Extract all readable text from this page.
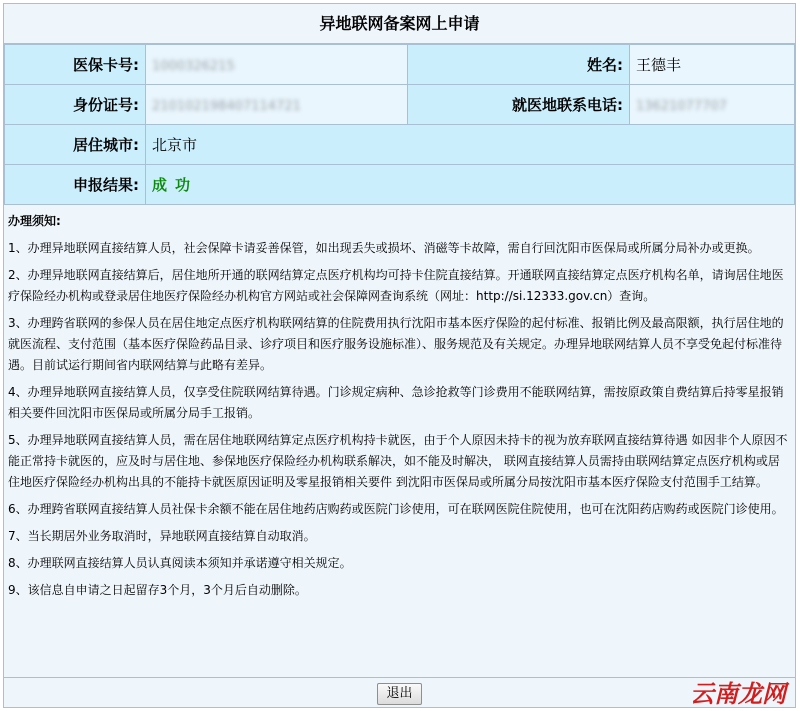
异地联网备案网上申请
医保卡号:	1000326215	姓名:	王德丰
身份证号:	210102198407114721	就医地联系电话:	13621077707
居住城市:	北京市		
申报结果:	成功		
办理须知:

1、办理异地联网直接结算人员，社会保障卡请妥善保管，如出现丢失或损坏、消磁等卡故障，需自行回沈阳市医保局或所属分局补办或更换。

2、办理异地联网直接结算后，居住地所开通的联网结算定点医疗机构均可持卡住院直接结算。开通联网直接结算定点医疗机构名单，请询居住地医疗保险经办机构或登录居住地医疗保险经办机构官方网站或社会保障网查询系统（网址：http://si.12333.gov.cn）查询。

3、办理跨省联网的参保人员在居住地定点医疗机构联网结算的住院费用执行沈阳市基本医疗保险的起付标准、报销比例及最高限额，执行居住地的就医流程、支付范围（基本医疗保险药品目录、诊疗项目和医疗服务设施标准）、服务规范及有关规定。办理异地联网结算人员不享受免起付标准待遇。目前试运行期间省内联网结算与此略有差异。

4、办理异地联网直接结算人员，仅享受住院联网结算待遇。门诊规定病种、急诊抢救等门诊费用不能联网结算，需按原政策自费结算后持零星报销相关要件回沈阳市医保局或所属分局手工报销。

5、办理异地联网直接结算人员，需在居住地联网结算定点医疗机构持卡就医，由于个人原因未持卡的视为放弃联网直接结算待遇 如因非个人原因不能正常持卡就医的，应及时与居住地、参保地医疗保险经办机构联系解决，如不能及时解决， 联网直接结算人员需持由联网结算定点医疗机构或居住地医疗保险经办机构出具的不能持卡就医原因证明及零星报销相关要件 到沈阳市医保局或所属分局按沈阳市基本医疗保险支付范围手工结算。

6、办理跨省联网直接结算人员社保卡余额不能在居住地药店购药或医院门诊使用，可在联网医院住院使用，也可在沈阳药店购药或医院门诊使用。

7、当长期居外业务取消时，异地联网直接结算自动取消。

8、办理联网直接结算人员认真阅读本须知并承诺遵守相关规定。

9、该信息自申请之日起留存3个月，3个月后自动删除。

退出	云南龙网
